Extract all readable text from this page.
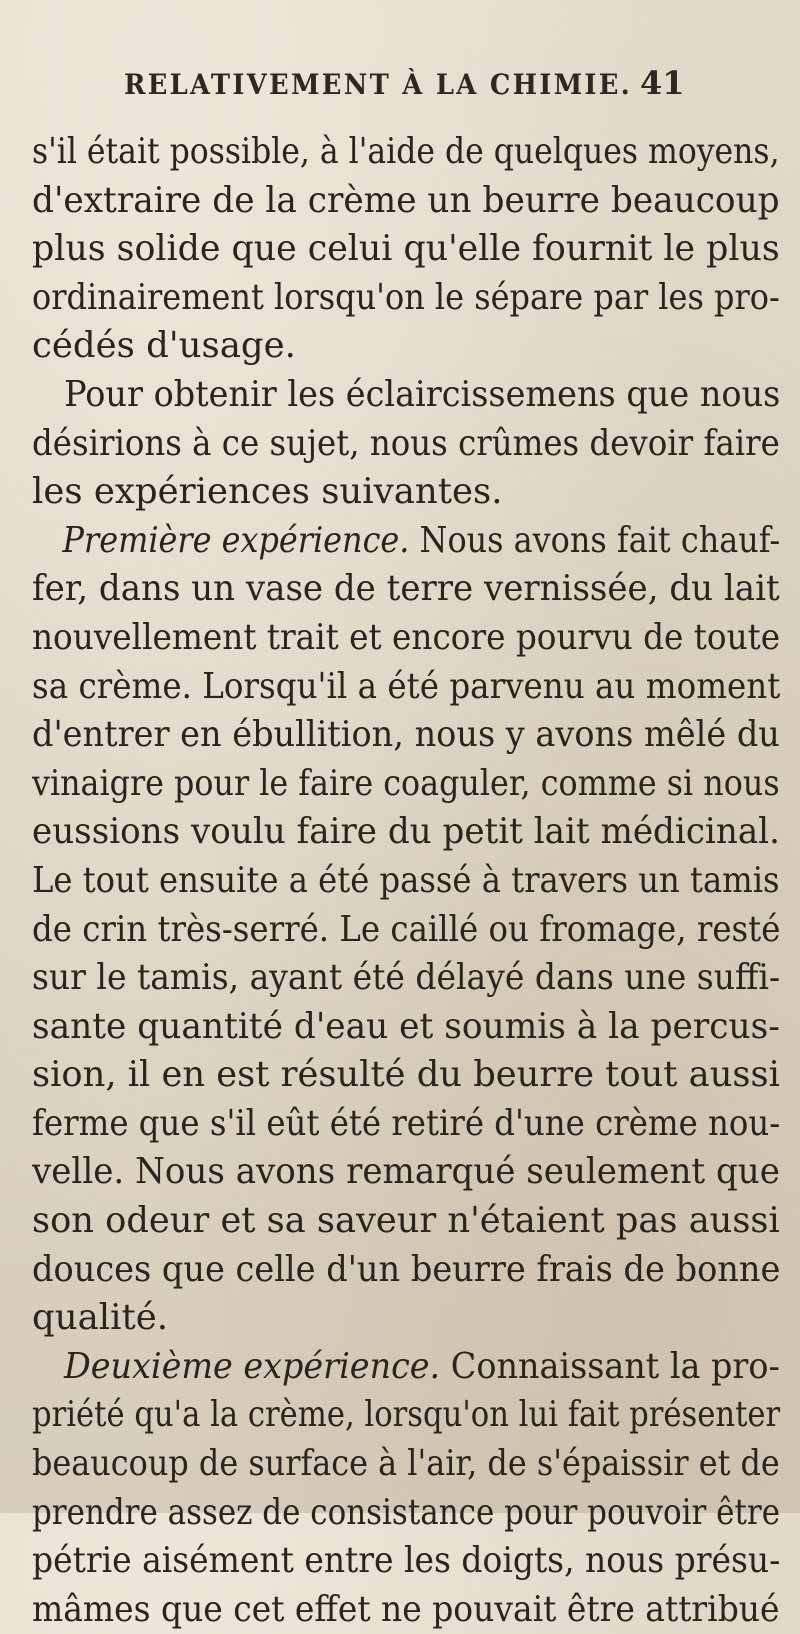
RELATIVEMENT À LA CHIMIE. 41
s'il était possible, à l'aide de quelques moyens,
d'extraire de la crème un beurre beaucoup
plus solide que celui qu'elle fournit le plus
ordinairement lorsqu'on le sépare par les pro-
cédés d'usage.
Pour obtenir les éclaircissemens que nous
désirions à ce sujet, nous crûmes devoir faire
les expériences suivantes.
Première expérience. Nous avons fait chauf-
fer, dans un vase de terre vernissée, du lait
nouvellement trait et encore pourvu de toute
sa crème. Lorsqu'il a été parvenu au moment
d'entrer en ébullition, nous y avons mêlé du
vinaigre pour le faire coaguler, comme si nous
eussions voulu faire du petit lait médicinal.
Le tout ensuite a été passé à travers un tamis
de crin très-serré. Le caillé ou fromage, resté
sur le tamis, ayant été délayé dans une suffi-
sante quantité d'eau et soumis à la percus-
sion, il en est résulté du beurre tout aussi
ferme que s'il eût été retiré d'une crème nou-
velle. Nous avons remarqué seulement que
son odeur et sa saveur n'étaient pas aussi
douces que celle d'un beurre frais de bonne
qualité.
Deuxième expérience. Connaissant la pro-
priété qu'a la crème, lorsqu'on lui fait présenter
beaucoup de surface à l'air, de s'épaissir et de
prendre assez de consistance pour pouvoir être
pétrie aisément entre les doigts, nous présu-
mâmes que cet effet ne pouvait être attribué
